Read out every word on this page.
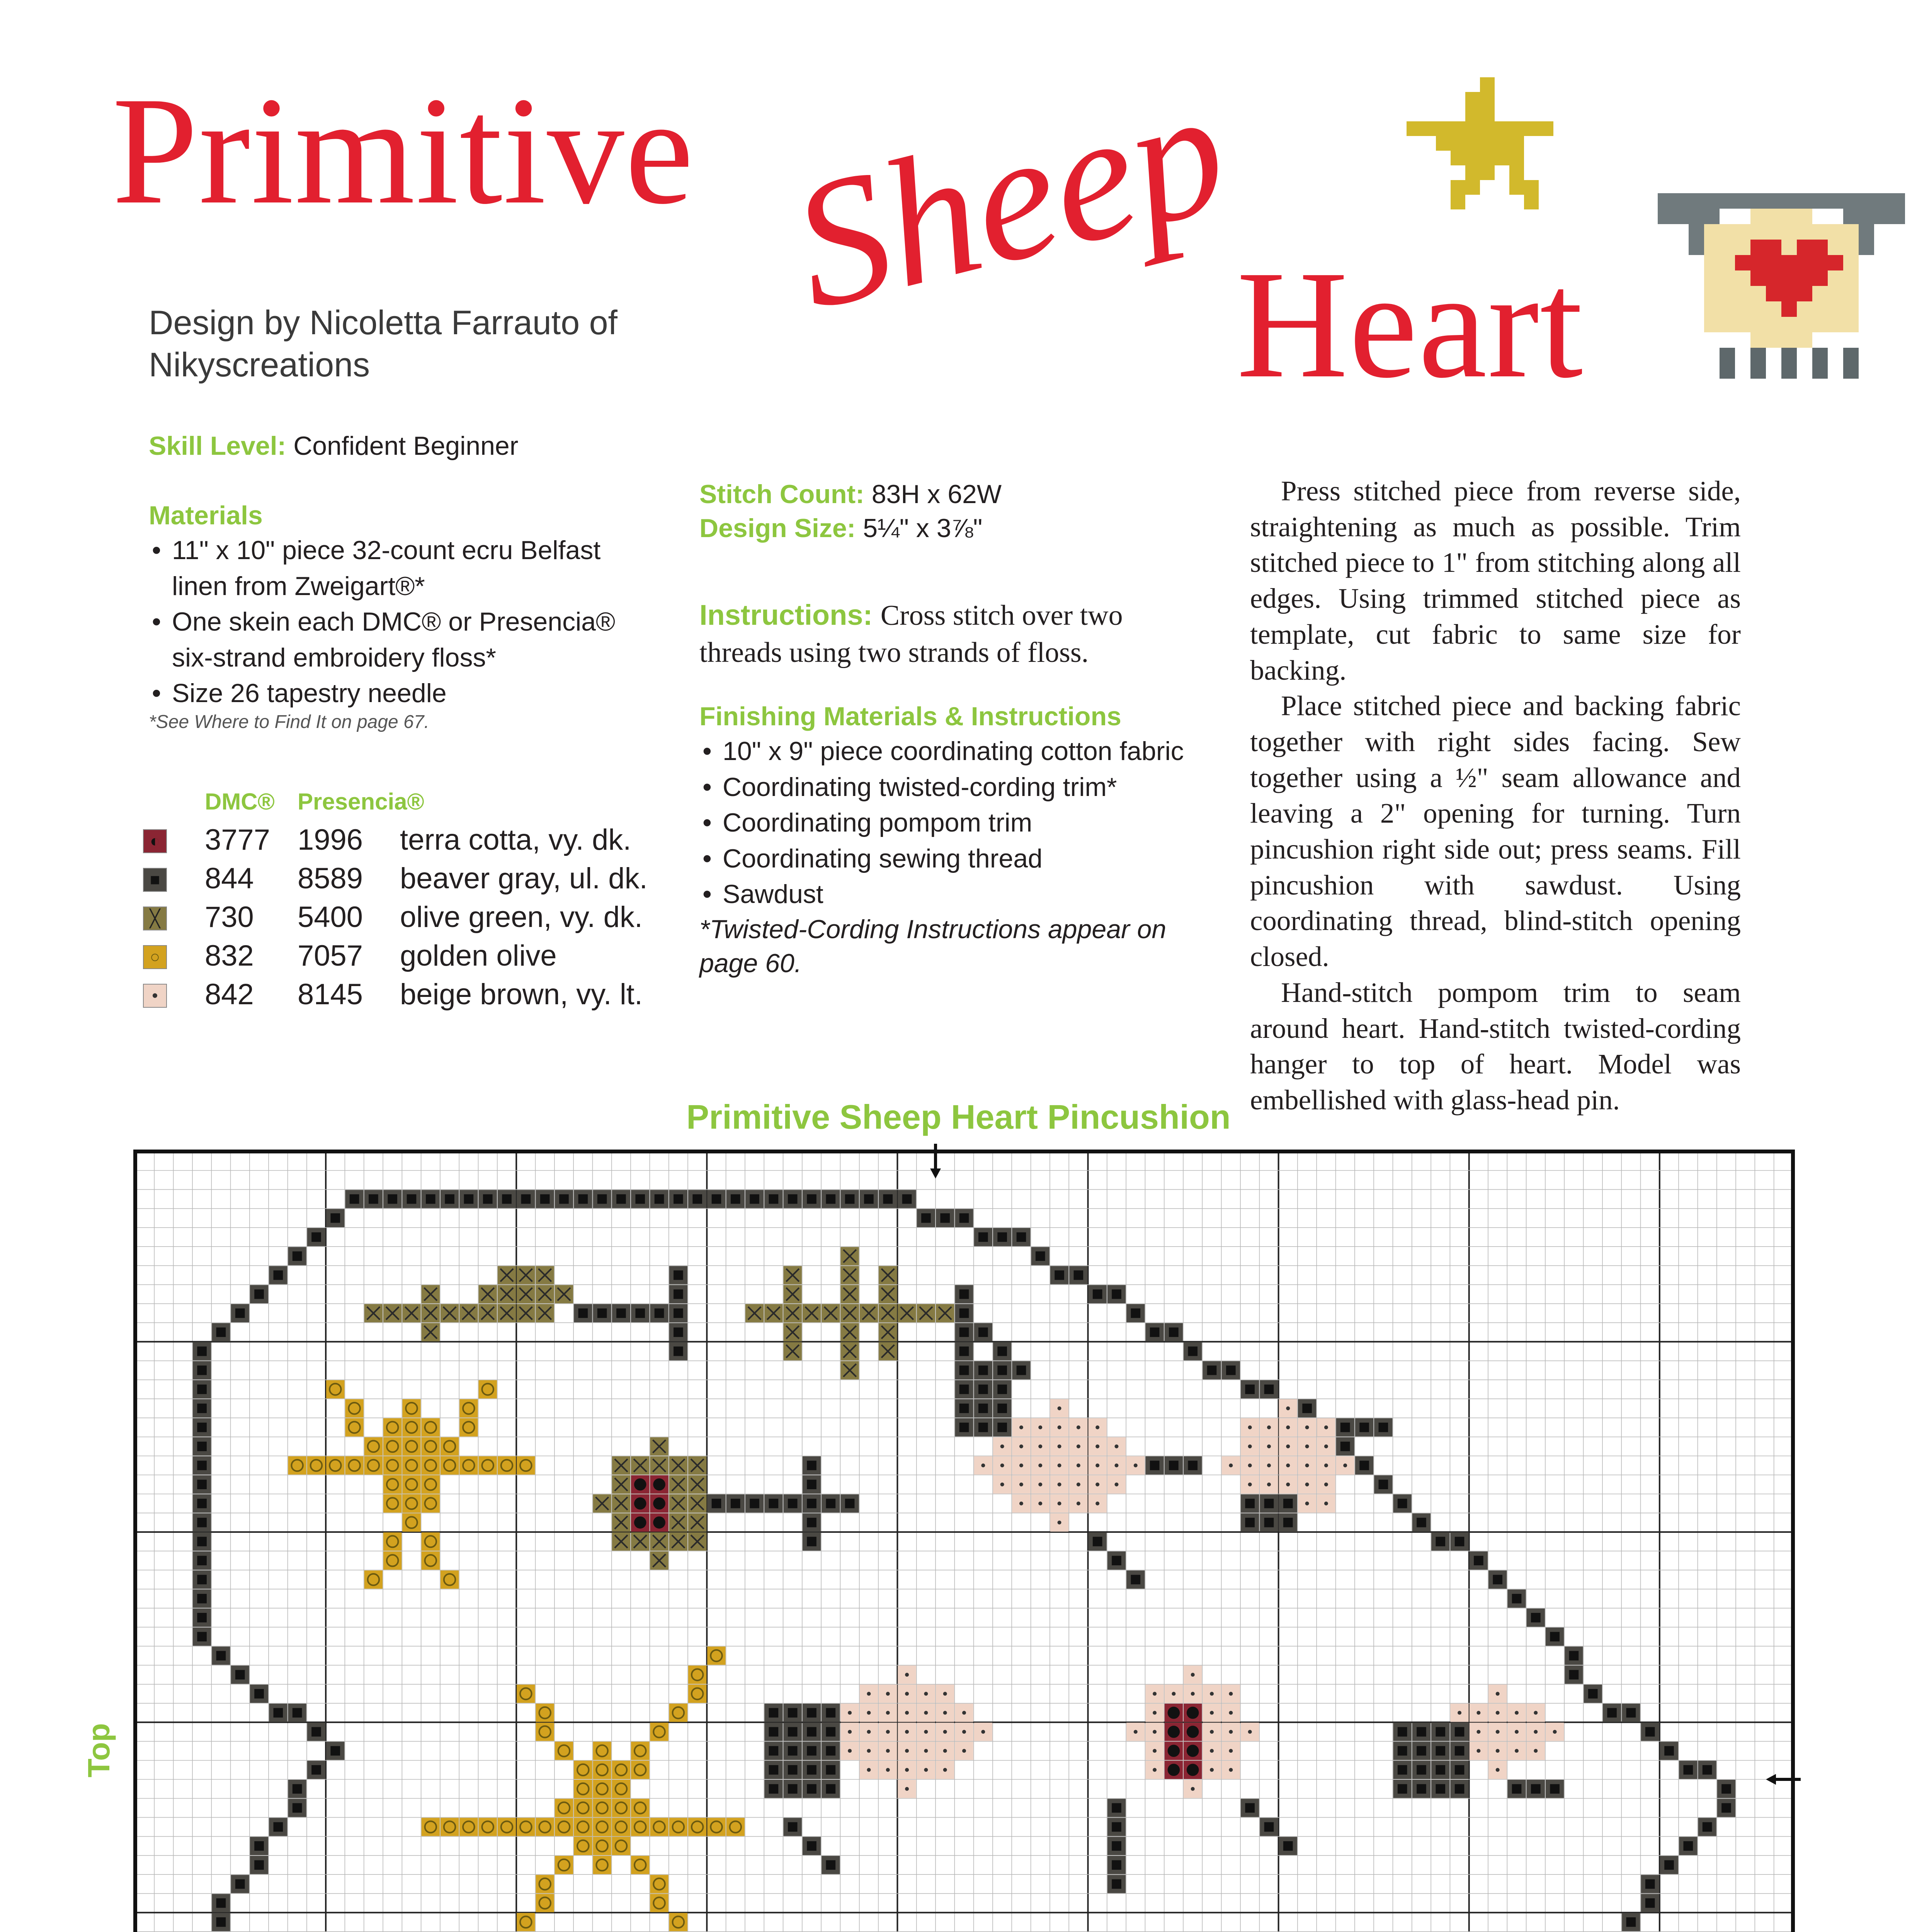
Primitive Sheep
Heart
Design by Nicoletta Farrauto of
Nikyscreations
Skill Level: Confident Beginner
Materials
• 11" x 10" piece 32-count ecru Belfast linen from Zweigart®*
• One skein each DMC® or Presencia® six-strand embroidery floss*
• Size 26 tapestry needle
*See Where to Find It on page 67.
DMC® Presencia®
◐ 3777 1996 terra cotta, vy. dk.
■ 844 8589 beaver gray, ul. dk.
╳ 730 5400 olive green, vy. dk.
○ 832 7057 golden olive
•	842 8145 beige brown, vy. lt.
Stitch Count: 83H x 62W
Design Size: 5¼" x 3⅞"
Instructions: Cross stitch over two threads using two strands of floss.
Finishing Materials & Instructions
• 10" x 9" piece coordinating cotton fabric
• Coordinating twisted-cording trim*
• Coordinating pompom trim
• Coordinating sewing thread
• Sawdust
*Twisted-Cording Instructions appear on page 60.

Press stitched piece from reverse side, straightening as much as possible. Trim stitched piece to 1" from stitching along all edges. Using trimmed stitched piece as template, cut fabric to same size for backing.

Place stitched piece and backing fabric together with right sides facing. Sew together using a ½" seam allowance and leaving a 2" opening for turning. Turn pincushion right side out; press seams. Fill pincushion with sawdust. Using coordinating thread, blind-stitch opening closed.

Hand-stitch pompom trim to seam around heart. Hand-stitch twisted-cording hanger to top of heart. Model was embellished with glass-head pin.

Primitive Sheep Heart Pincushion
Top
